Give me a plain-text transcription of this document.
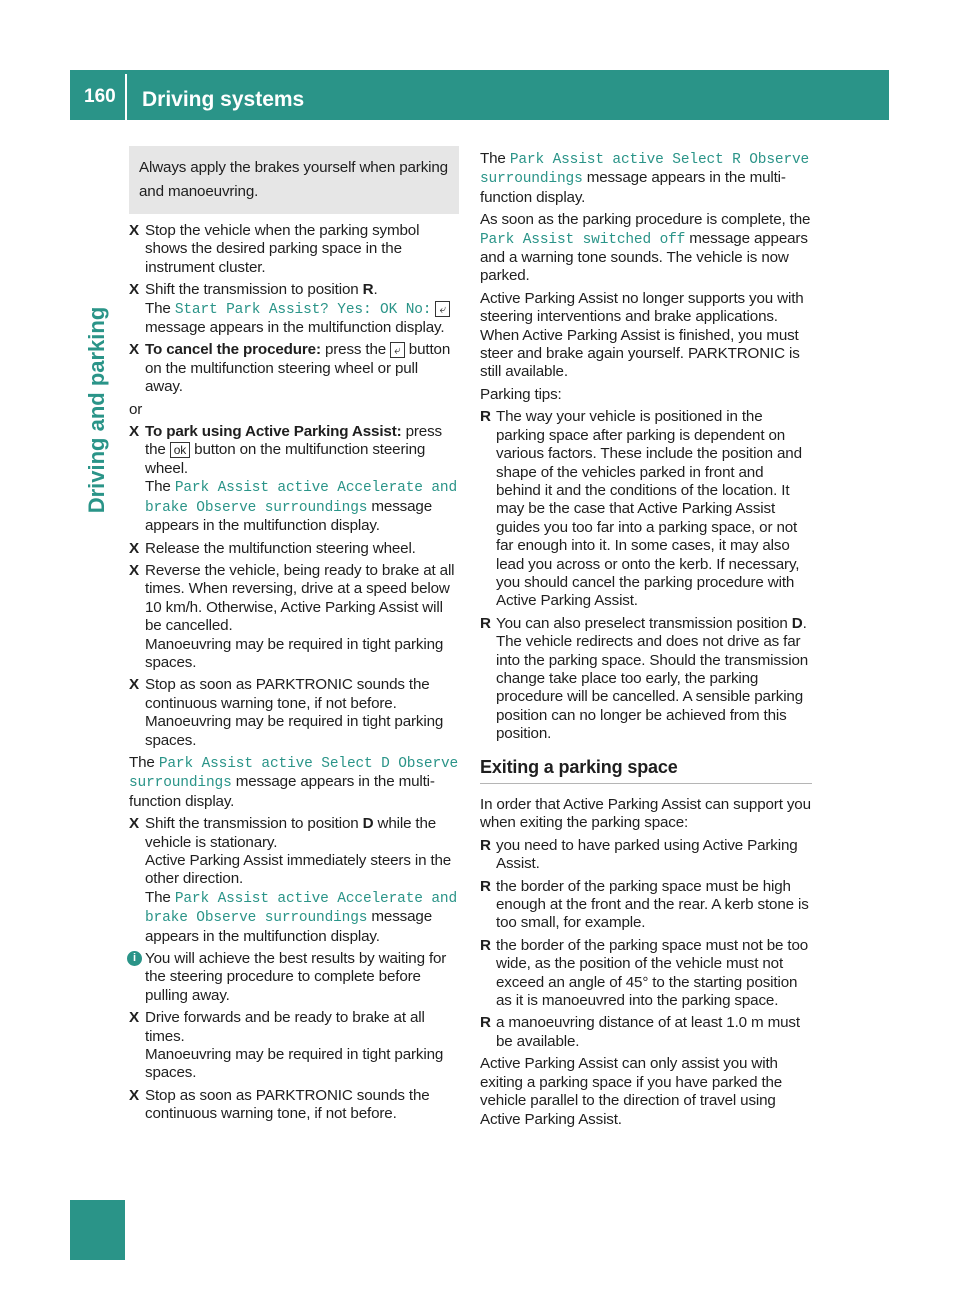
160 Driving systems
Driving and parking
Always apply the brakes yourself when parking and manoeuvring.

X Stop the vehicle when the parking symbol shows the desired parking space in the instrument cluster.

X Shift the transmission to position R.
The Start Park Assist? Yes: OK No: ⤶ message appears in the multifunction display.

X To cancel the procedure: press the ⤶ button on the multifunction steering wheel or pull away.

or

X To park using Active Parking Assist: press the ok button on the multifunction steering wheel.
The Park Assist active Accelerate and brake Observe surroundings message appears in the multifunction display.

X Release the multifunction steering wheel.

X Reverse the vehicle, being ready to brake at all times. When reversing, drive at a speed below 10 km/h. Otherwise, Active Parking Assist will be cancelled.
Manoeuvring may be required in tight parking spaces.

X Stop as soon as PARKTRONIC sounds the continuous warning tone, if not before.
Manoeuvring may be required in tight parking spaces.

The Park Assist active Select D Observe surroundings message appears in the multi-function display.

X Shift the transmission to position D while the vehicle is stationary.
Active Parking Assist immediately steers in the other direction.
The Park Assist active Accelerate and brake Observe surroundings message appears in the multifunction display.

i You will achieve the best results by waiting for the steering procedure to complete before pulling away.

X Drive forwards and be ready to brake at all times.
Manoeuvring may be required in tight parking spaces.

X Stop as soon as PARKTRONIC sounds the continuous warning tone, if not before.

The Park Assist active Select R Observe surroundings message appears in the multi-function display.

As soon as the parking procedure is complete, the Park Assist switched off message appears and a warning tone sounds. The vehicle is now parked.

Active Parking Assist no longer supports you with steering interventions and brake applications. When Active Parking Assist is finished, you must steer and brake again yourself. PARKTRONIC is still available.

Parking tips:

R The way your vehicle is positioned in the parking space after parking is dependent on various factors. These include the position and shape of the vehicles parked in front and behind it and the conditions of the location. It may be the case that Active Parking Assist guides you too far into a parking space, or not far enough into it. In some cases, it may also lead you across or onto the kerb. If necessary, you should cancel the parking procedure with Active Parking Assist.

R You can also preselect transmission position D. The vehicle redirects and does not drive as far into the parking space. Should the transmission change take place too early, the parking procedure will be cancelled. A sensible parking position can no longer be achieved from this position.

Exiting a parking space

In order that Active Parking Assist can support you when exiting the parking space:

R you need to have parked using Active Parking Assist.

R the border of the parking space must be high enough at the front and the rear. A kerb stone is too small, for example.

R the border of the parking space must not be too wide, as the position of the vehicle must not exceed an angle of 45° to the starting position as it is manoeuvred into the parking space.

R a manoeuvring distance of at least 1.0 m must be available.

Active Parking Assist can only assist you with exiting a parking space if you have parked the vehicle parallel to the direction of travel using Active Parking Assist.
